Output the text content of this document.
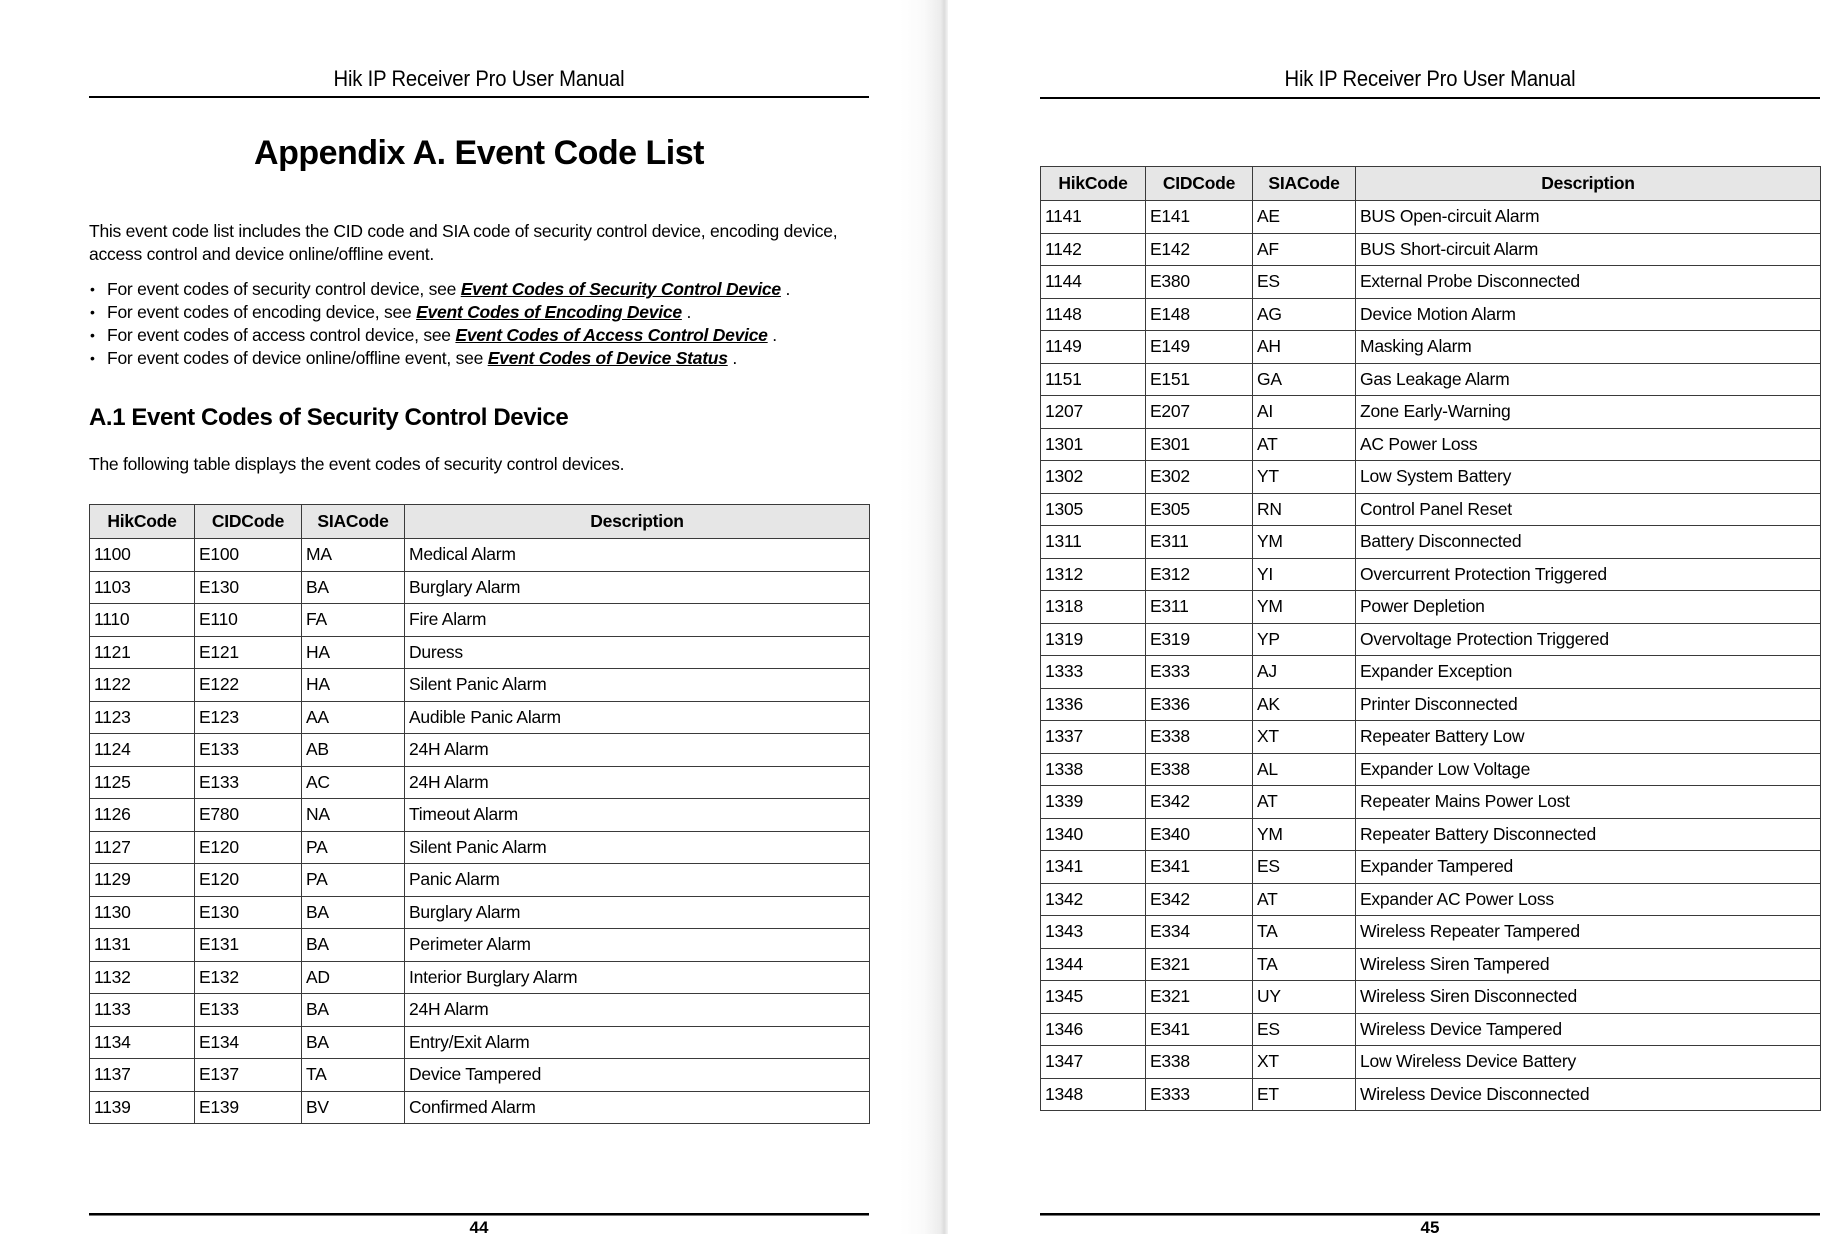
Hik IP Receiver Pro User Manual
Appendix A. Event Code List
This event code list includes the CID code and SIA code of security control device, encoding device,
access control and device online/offline event.
• For event codes of security control device, see Event Codes of Security Control Device .
• For event codes of encoding device, see Event Codes of Encoding Device .
• For event codes of access control device, see Event Codes of Access Control Device .
• For event codes of device online/offline event, see Event Codes of Device Status .
A.1 Event Codes of Security Control Device
The following table displays the event codes of security control devices.
HikCode	CIDCode	SIACode	Description
1100	E100	MA	Medical Alarm
1103	E130	BA	Burglary Alarm
1110	E110	FA	Fire Alarm
1121	E121	HA	Duress
1122	E122	HA	Silent Panic Alarm
1123	E123	AA	Audible Panic Alarm
1124	E133	AB	24H Alarm
1125	E133	AC	24H Alarm
1126	E780	NA	Timeout Alarm
1127	E120	PA	Silent Panic Alarm
1129	E120	PA	Panic Alarm
1130	E130	BA	Burglary Alarm
1131	E131	BA	Perimeter Alarm
1132	E132	AD	Interior Burglary Alarm
1133	E133	BA	24H Alarm
1134	E134	BA	Entry/Exit Alarm
1137	E137	TA	Device Tampered
1139	E139	BV	Confirmed Alarm
44
Hik IP Receiver Pro User Manual
HikCode	CIDCode	SIACode	Description
1141	E141	AE	BUS Open-circuit Alarm
1142	E142	AF	BUS Short-circuit Alarm
1144	E380	ES	External Probe Disconnected
1148	E148	AG	Device Motion Alarm
1149	E149	AH	Masking Alarm
1151	E151	GA	Gas Leakage Alarm
1207	E207	AI	Zone Early-Warning
1301	E301	AT	AC Power Loss
1302	E302	YT	Low System Battery
1305	E305	RN	Control Panel Reset
1311	E311	YM	Battery Disconnected
1312	E312	YI	Overcurrent Protection Triggered
1318	E311	YM	Power Depletion
1319	E319	YP	Overvoltage Protection Triggered
1333	E333	AJ	Expander Exception
1336	E336	AK	Printer Disconnected
1337	E338	XT	Repeater Battery Low
1338	E338	AL	Expander Low Voltage
1339	E342	AT	Repeater Mains Power Lost
1340	E340	YM	Repeater Battery Disconnected
1341	E341	ES	Expander Tampered
1342	E342	AT	Expander AC Power Loss
1343	E334	TA	Wireless Repeater Tampered
1344	E321	TA	Wireless Siren Tampered
1345	E321	UY	Wireless Siren Disconnected
1346	E341	ES	Wireless Device Tampered
1347	E338	XT	Low Wireless Device Battery
1348	E333	ET	Wireless Device Disconnected
45
